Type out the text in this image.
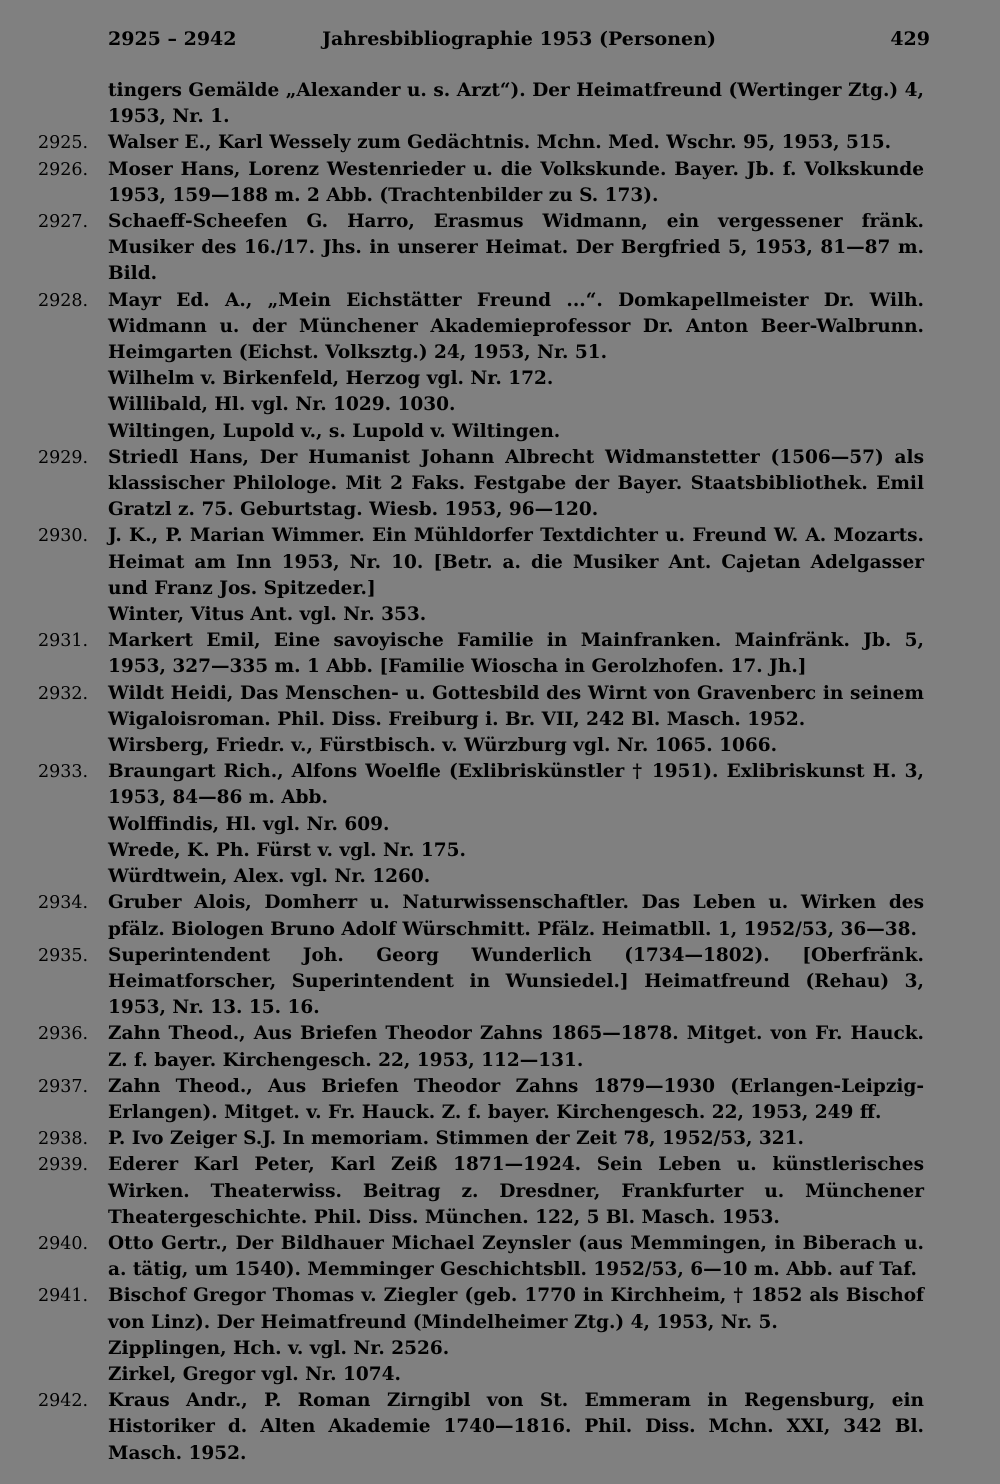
2925 – 2942	Jahresbibliographie 1953 (Personen)	429
tingers Gemälde „Alexander u. s. Arzt“). Der Heimatfreund (Wertinger Ztg.) 4, 1953, Nr. 1.
2925.	Walser E., Karl Wessely zum Gedächtnis. Mchn. Med. Wschr. 95, 1953, 515.
2926.	Moser Hans, Lorenz Westenrieder u. die Volkskunde. Bayer. Jb. f. Volkskunde 1953, 159—188 m. 2 Abb. (Trachtenbilder zu S. 173).
2927.	Schaeff-Scheefen G. Harro, Erasmus Widmann, ein vergessener fränk. Musiker des 16./17. Jhs. in unserer Heimat. Der Bergfried 5, 1953, 81—87 m. Bild.
2928.	Mayr Ed. A., „Mein Eichstätter Freund ...“. Domkapellmeister Dr. Wilh. Widmann u. der Münchener Akademieprofessor Dr. Anton Beer-Walbrunn. Heimgarten (Eichst. Volksztg.) 24, 1953, Nr. 51.
Wilhelm v. Birkenfeld, Herzog vgl. Nr. 172.
Willibald, Hl. vgl. Nr. 1029. 1030.
Wiltingen, Lupold v., s. Lupold v. Wiltingen.
2929.	Striedl Hans, Der Humanist Johann Albrecht Widmanstetter (1506—57) als klassischer Philologe. Mit 2 Faks. Festgabe der Bayer. Staatsbibliothek. Emil Gratzl z. 75. Geburtstag. Wiesb. 1953, 96—120.
2930.	J. K., P. Marian Wimmer. Ein Mühldorfer Textdichter u. Freund W. A. Mozarts. Heimat am Inn 1953, Nr. 10. [Betr. a. die Musiker Ant. Cajetan Adelgasser und Franz Jos. Spitzeder.]
Winter, Vitus Ant. vgl. Nr. 353.
2931.	Markert Emil, Eine savoyische Familie in Mainfranken. Mainfränk. Jb. 5, 1953, 327—335 m. 1 Abb. [Familie Wioscha in Gerolzhofen. 17. Jh.]
2932.	Wildt Heidi, Das Menschen- u. Gottesbild des Wirnt von Gravenberc in seinem Wigaloisroman. Phil. Diss. Freiburg i. Br. VII, 242 Bl. Masch. 1952.
Wirsberg, Friedr. v., Fürstbisch. v. Würzburg vgl. Nr. 1065. 1066.
2933.	Braungart Rich., Alfons Woelfle (Exlibriskünstler † 1951). Exlibriskunst H. 3, 1953, 84—86 m. Abb.
Wolffindis, Hl. vgl. Nr. 609.
Wrede, K. Ph. Fürst v. vgl. Nr. 175.
Würdtwein, Alex. vgl. Nr. 1260.
2934.	Gruber Alois, Domherr u. Naturwissenschaftler. Das Leben u. Wirken des pfälz. Biologen Bruno Adolf Würschmitt. Pfälz. Heimatbll. 1, 1952/53, 36—38.
2935.	Superintendent Joh. Georg Wunderlich (1734—1802). [Oberfränk. Heimatforscher, Superintendent in Wunsiedel.] Heimatfreund (Rehau) 3, 1953, Nr. 13. 15. 16.
2936.	Zahn Theod., Aus Briefen Theodor Zahns 1865—1878. Mitget. von Fr. Hauck. Z. f. bayer. Kirchengesch. 22, 1953, 112—131.
2937.	Zahn Theod., Aus Briefen Theodor Zahns 1879—1930 (Erlangen-Leipzig-Erlangen). Mitget. v. Fr. Hauck. Z. f. bayer. Kirchengesch. 22, 1953, 249 ff.
2938.	P. Ivo Zeiger S.J. In memoriam. Stimmen der Zeit 78, 1952/53, 321.
2939.	Ederer Karl Peter, Karl Zeiß 1871—1924. Sein Leben u. künstlerisches Wirken. Theaterwiss. Beitrag z. Dresdner, Frankfurter u. Münchener Theatergeschichte. Phil. Diss. München. 122, 5 Bl. Masch. 1953.
2940.	Otto Gertr., Der Bildhauer Michael Zeynsler (aus Memmingen, in Biberach u. a. tätig, um 1540). Memminger Geschichtsbll. 1952/53, 6—10 m. Abb. auf Taf.
2941.	Bischof Gregor Thomas v. Ziegler (geb. 1770 in Kirchheim, † 1852 als Bischof von Linz). Der Heimatfreund (Mindelheimer Ztg.) 4, 1953, Nr. 5.
Zipplingen, Hch. v. vgl. Nr. 2526.
Zirkel, Gregor vgl. Nr. 1074.
2942.	Kraus Andr., P. Roman Zirngibl von St. Emmeram in Regensburg, ein Historiker d. Alten Akademie 1740—1816. Phil. Diss. Mchn. XXI, 342 Bl. Masch. 1952.
